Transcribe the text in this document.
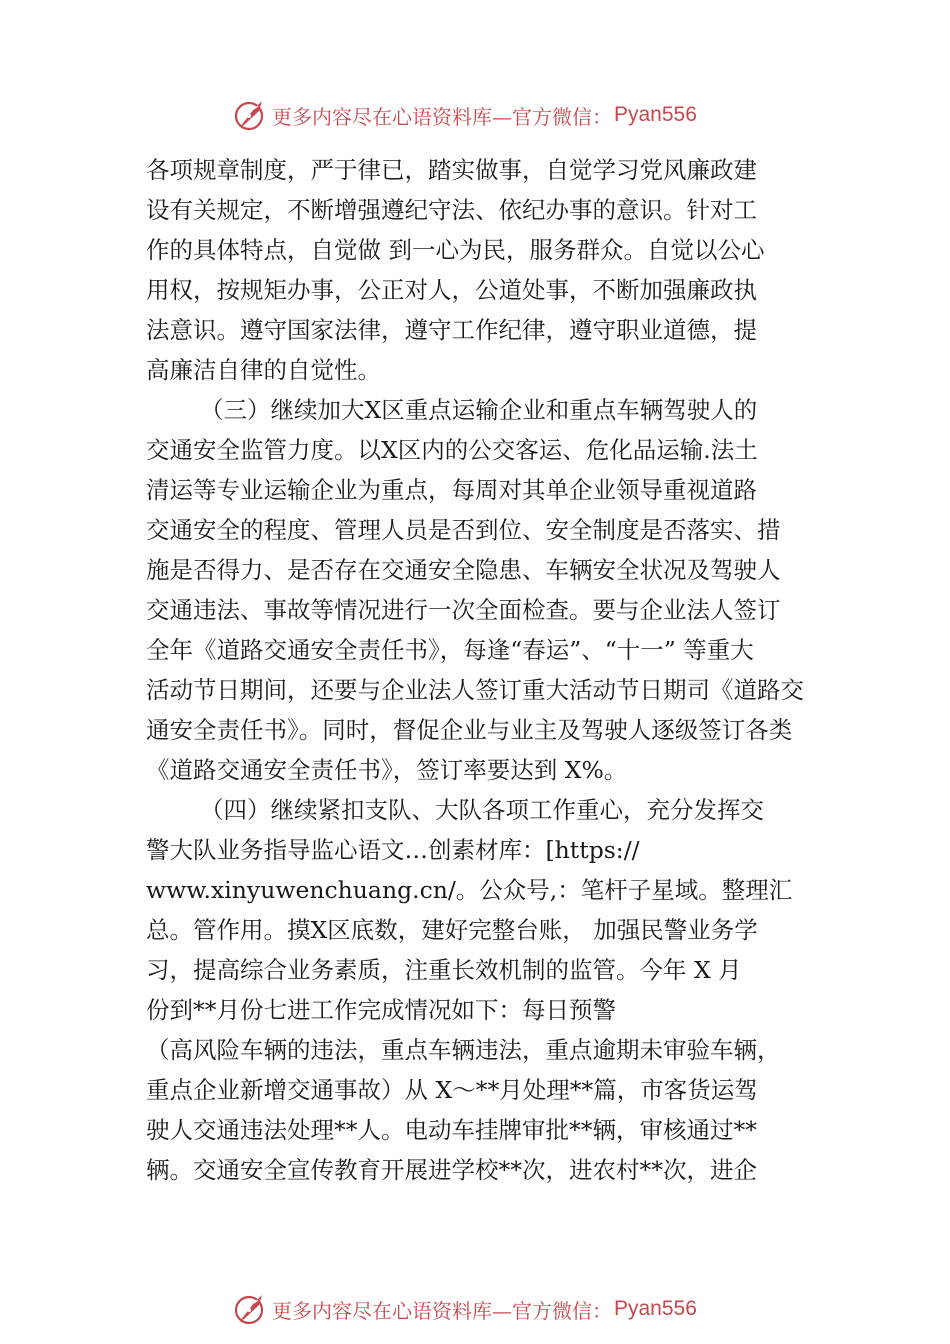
更多内容尽在心语资料库—官方微信： Pyan556
各项规章制度，严于律已，踏实做事，自觉学习党风廉政建
设有关规定，不断增强遵纪守法、依纪办事的意识。针对工
作的具体特点，自觉做 到一心为民，服务群众。自觉以公心
用权，按规矩办事，公正对人，公道处事，不断加强廉政执
法意识。遵守国家法律，遵守工作纪律，遵守职业道德，提
高廉洁自律的自觉性。
（三）继续加大X区重点运输企业和重点车辆驾驶人的
交通安全监管力度。以X区内的公交客运、危化品运输.法土
清运等专业运输企业为重点，每周对其单企业领导重视道路
交通安全的程度、管理人员是否到位、安全制度是否落实、措
施是否得力、是否存在交通安全隐患、车辆安全状况及驾驶人
交通违法、事故等情况进行一次全面检查。要与企业法人签订
全年《道路交通安全责任书》，每逢“春运”、“十一” 等重大
活动节日期间，还要与企业法人签订重大活动节日期司《道路交
通安全责任书》。同时，督促企业与业主及驾驶人逐级签订各类
《道路交通安全责任书》，签订率要达到 X%。
（四）继续紧扣支队、大队各项工作重心，充分发挥交
警大队业务指导监心语文…创素材库：[https://
www.xinyuwenchuang.cn/。公众号,：笔杆子星域。整理汇
总。管作用。摸X区底数，建好完整台账， 加强民警业务学
习，提高综合业务素质，注重长效机制的监管。今年 X 月
份到**月份七进工作完成情况如下：每日预警
（高风险车辆的违法，重点车辆违法，重点逾期未审验车辆，
重点企业新增交通事故）从 X～**月处理**篇，市客货运驾
驶人交通违法处理**人。电动车挂牌审批**辆，审核通过**
辆。交通安全宣传教育开展进学校**次，进农村**次，进企
更多内容尽在心语资料库—官方微信： Pyan556
